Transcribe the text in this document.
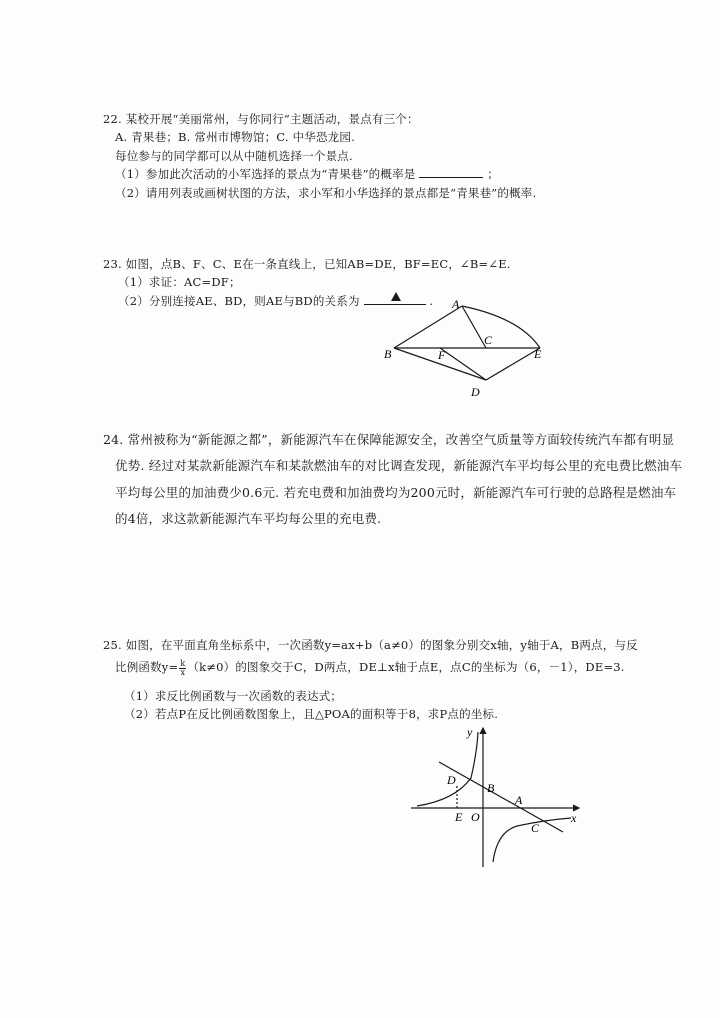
22. 某校开展“美丽常州，与你同行”主题活动，景点有三个：
A. 青果巷；B. 常州市博物馆；C. 中华恐龙园.
每位参与的同学都可以从中随机选择一个景点.
（1）参加此次活动的小军选择的景点为“青果巷”的概率是	；
（2）请用列表或画树状图的方法，求小军和小华选择的景点都是“青果巷”的概率.
23. 如图，点B、F、C、E在一条直线上，已知AB=DE，BF=EC，∠B=∠E.
（1）求证：AC=DF；
（2）分别连接AE、BD，则AE与BD的关系为	. A
B
C
D
E
F
24. 常州被称为“新能源之都”，新能源汽车在保障能源安全，改善空气质量等方面较传统汽车都有明显
优势. 经过对某款新能源汽车和某款燃油车的对比调查发现，新能源汽车平均每公里的充电费比燃油车
平均每公里的加油费少0.6元. 若充电费和加油费均为200元时，新能源汽车可行驶的总路程是燃油车
的4倍，求这款新能源汽车平均每公里的充电费.
25. 如图，在平面直角坐标系中，一次函数y=ax+b（a≠0）的图象分别交x轴，y轴于A，B两点，与反
比例函数$y= \frac{k}{x} (k\ne 0)$的图象交于C，D两点，DE⊥x轴于点E，点C的坐标为（6，－1），DE=3.
（1）求反比例函数与一次函数的表达式；
（2）若点P在反比例函数图象上，且△POA的面积等于8，求P点的坐标.
y
x
D
B
A
C
E O
